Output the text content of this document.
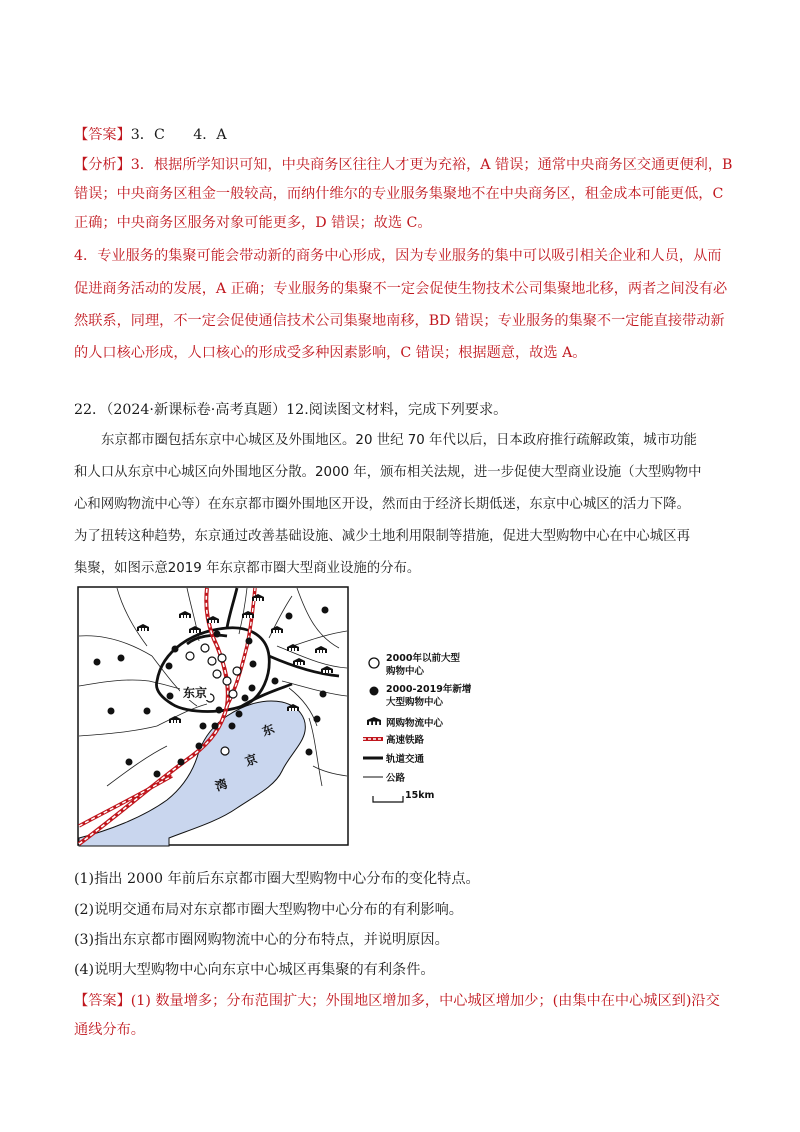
【答案】3．C　　4．A
【分析】3．根据所学知识可知，中央商务区往往人才更为充裕，A 错误；通常中央商务区交通更便利，B
错误；中央商务区租金一般较高，而纳什维尔的专业服务集聚地不在中央商务区，租金成本可能更低，C
正确；中央商务区服务对象可能更多，D 错误；故选 C。
4．专业服务的集聚可能会带动新的商务中心形成，因为专业服务的集中可以吸引相关企业和人员，从而
促进商务活动的发展，A 正确；专业服务的集聚不一定会促使生物技术公司集聚地北移，两者之间没有必
然联系，同理，不一定会促使通信技术公司集聚地南移，BD 错误；专业服务的集聚不一定能直接带动新
的人口核心形成，人口核心的形成受多种因素影响，C 错误；根据题意，故选 A。
22．（2024·新课标卷·高考真题）12.阅读图文材料，完成下列要求。
东京都市圈包括东京中心城区及外围地区。20 世纪 70 年代以后，日本政府推行疏解政策，城市功能
和人口从东京中心城区向外围地区分散。2000 年，颁布相关法规，进一步促使大型商业设施（大型购物中
心和网购物流中心等）在东京都市圈外围地区开设，然而由于经济长期低迷，东京中心城区的活力下降。
为了扭转这种趋势，东京通过改善基础设施、减少土地利用限制等措施，促进大型购物中心在中心城区再
集聚，如图示意2019 年东京都市圈大型商业设施的分布。
东京
东
京
湾
2000年以前大型
购物中心
2000-2019年新增
大型购物中心
网购物流中心
高速铁路
轨道交通
公路
15km
(1)指出 2000 年前后东京都市圈大型购物中心分布的变化特点。
(2)说明交通布局对东京都市圈大型购物中心分布的有利影响。
(3)指出东京都市圈网购物流中心的分布特点，并说明原因。
(4)说明大型购物中心向东京中心城区再集聚的有利条件。
【答案】(1) 数量增多；分布范围扩大；外围地区增加多，中心城区增加少；(由集中在中心城区到)沿交
通线分布。
